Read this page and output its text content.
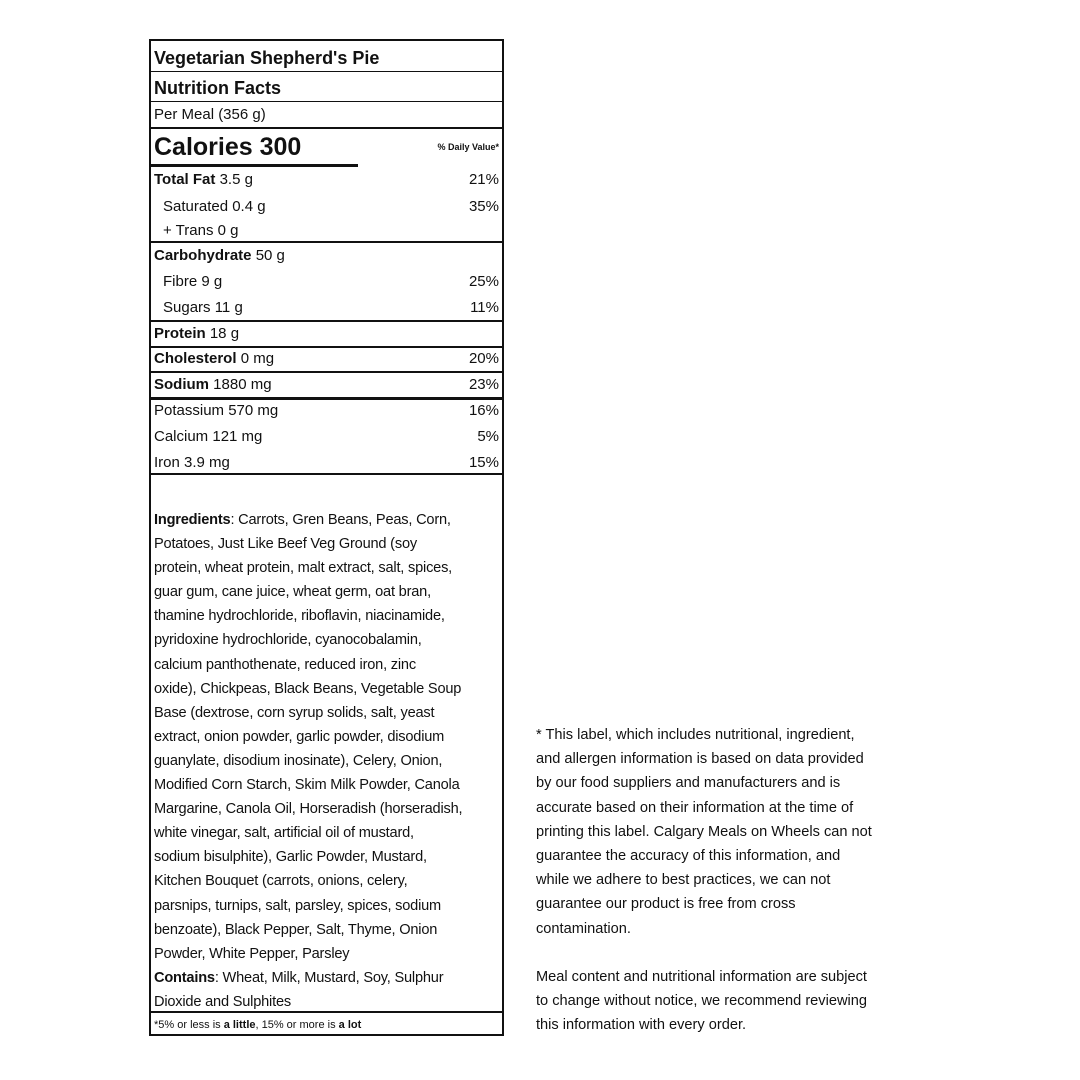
Vegetarian Shepherd's Pie
Nutrition Facts
Per Meal (356 g)
Calories 300	% Daily Value*
Total Fat 3.5 g	21%
Saturated 0.4 g	35%
+ Trans 0 g
Carbohydrate 50 g
Fibre 9 g	25%
Sugars 11 g	11%
Protein 18 g
Cholesterol 0 mg	20%
Sodium 1880 mg	23%
Potassium 570 mg	16%
Calcium 121 mg	5%
Iron 3.9 mg	15%
Ingredients: Carrots, Gren Beans, Peas, Corn,
Potatoes, Just Like Beef Veg Ground (soy
protein, wheat protein, malt extract, salt, spices,
guar gum, cane juice, wheat germ, oat bran,
thamine hydrochloride, riboflavin, niacinamide,
pyridoxine hydrochloride, cyanocobalamin,
calcium panthothenate, reduced iron, zinc
oxide), Chickpeas, Black Beans, Vegetable Soup
Base (dextrose, corn syrup solids, salt, yeast
extract, onion powder, garlic powder, disodium
guanylate, disodium inosinate), Celery, Onion,
Modified Corn Starch, Skim Milk Powder, Canola
Margarine, Canola Oil, Horseradish (horseradish,
white vinegar, salt, artificial oil of mustard,
sodium bisulphite), Garlic Powder, Mustard,
Kitchen Bouquet (carrots, onions, celery,
parsnips, turnips, salt, parsley, spices, sodium
benzoate), Black Pepper, Salt, Thyme, Onion
Powder, White Pepper, Parsley
Contains: Wheat, Milk, Mustard, Soy, Sulphur
Dioxide and Sulphites
*5% or less is a little, 15% or more is a lot
* This label, which includes nutritional, ingredient,
and allergen information is based on data provided
by our food suppliers and manufacturers and is
accurate based on their information at the time of
printing this label. Calgary Meals on Wheels can not
guarantee the accuracy of this information, and
while we adhere to best practices, we can not
guarantee our product is free from cross
contamination.

Meal content and nutritional information are subject
to change without notice, we recommend reviewing
this information with every order.
